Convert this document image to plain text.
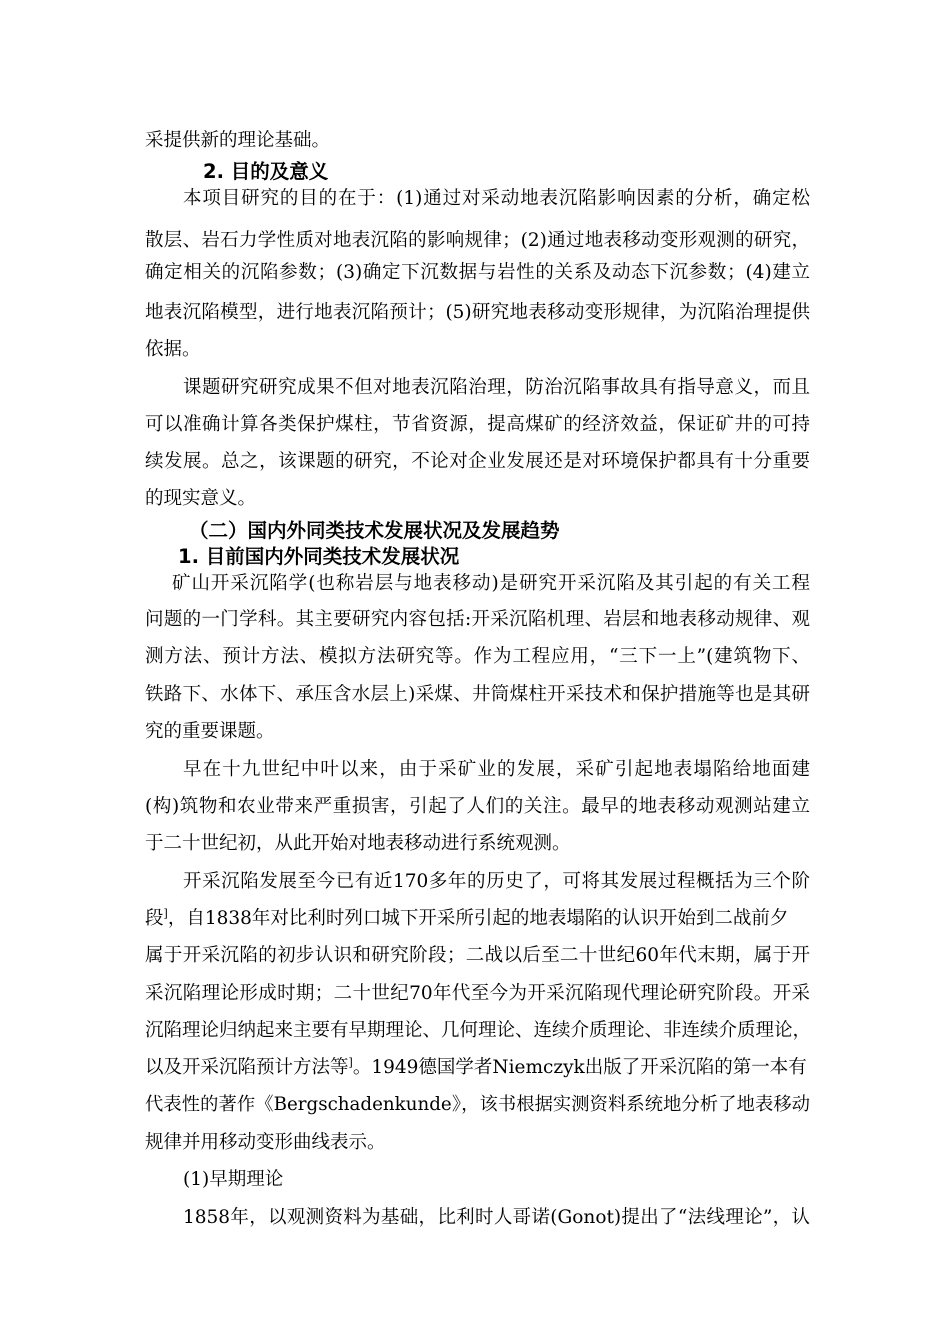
采提供新的理论基础。
2. 目的及意义
本项目研究的目的在于：(1)通过对采动地表沉陷影响因素的分析，确定松
散层、岩石力学性质对地表沉陷的影响规律；(2)通过地表移动变形观测的研究，
确定相关的沉陷参数；(3)确定下沉数据与岩性的关系及动态下沉参数；(4)建立
地表沉陷模型，进行地表沉陷预计；(5)研究地表移动变形规律，为沉陷治理提供
依据。
课题研究研究成果不但对地表沉陷治理，防治沉陷事故具有指导意义，而且
可以准确计算各类保护煤柱，节省资源，提高煤矿的经济效益，保证矿井的可持
续发展。总之，该课题的研究，不论对企业发展还是对环境保护都具有十分重要
的现实意义。
（二）国内外同类技术发展状况及发展趋势
1. 目前国内外同类技术发展状况
矿山开采沉陷学(也称岩层与地表移动)是研究开采沉陷及其引起的有关工程
问题的一门学科。其主要研究内容包括:开采沉陷机理、岩层和地表移动规律、观
测方法、预计方法、模拟方法研究等。作为工程应用，“三下一上”(建筑物下、
铁路下、水体下、承压含水层上)采煤、井筒煤柱开采技术和保护措施等也是其研
究的重要课题。
早在十九世纪中叶以来，由于采矿业的发展，采矿引起地表塌陷给地面建
(构)筑物和农业带来严重损害，引起了人们的关注。最早的地表移动观测站建立
于二十世纪初，从此开始对地表移动进行系统观测。
开采沉陷发展至今已有近170多年的历史了，可将其发展过程概括为三个阶
段]，自1838年对比利时列口城下开采所引起的地表塌陷的认识开始到二战前夕
属于开采沉陷的初步认识和研究阶段；二战以后至二十世纪60年代末期，属于开
采沉陷理论形成时期；二十世纪70年代至今为开采沉陷现代理论研究阶段。开采
沉陷理论归纳起来主要有早期理论、几何理论、连续介质理论、非连续介质理论，
以及开采沉陷预计方法等]。1949德国学者Niemczyk出版了开采沉陷的第一本有
代表性的著作《Bergschadenkunde》，该书根据实测资料系统地分析了地表移动
规律并用移动变形曲线表示。
(1)早期理论
1858年，以观测资料为基础，比利时人哥诺(Gonot)提出了“法线理论”，认
